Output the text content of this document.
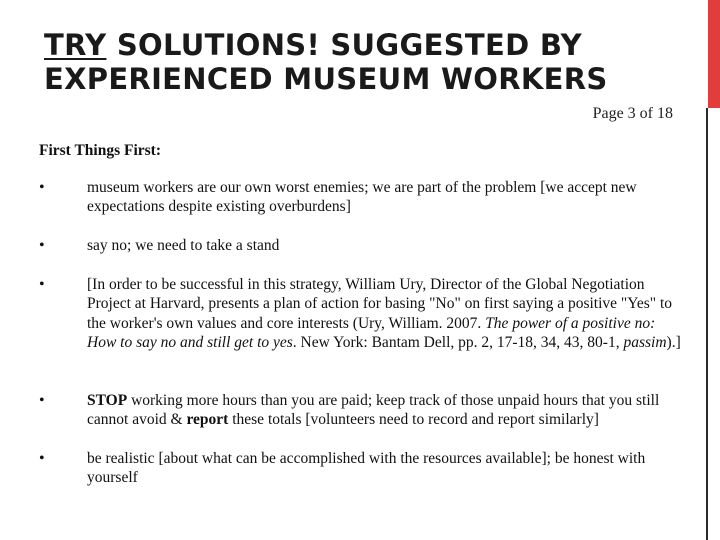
TRY SOLUTIONS! SUGGESTED BY
EXPERIENCED MUSEUM WORKERS
Page 3 of 18
First Things First:
•	museum workers are our own worst enemies; we are part of the problem [we accept new expectations despite existing overburdens]
•	say no; we need to take a stand
•	[In order to be successful in this strategy, William Ury, Director of the Global Negotiation Project at Harvard, presents a plan of action for basing "No" on first saying a positive "Yes" to the worker's own values and core interests (Ury, William. 2007. The power of a positive no: How to say no and still get to yes. New York: Bantam Dell, pp. 2, 17-18, 34, 43, 80-1, passim).]
•	STOP working more hours than you are paid; keep track of those unpaid hours that you still cannot avoid & report these totals [volunteers need to record and report similarly]
•	be realistic [about what can be accomplished with the resources available]; be honest with yourself
